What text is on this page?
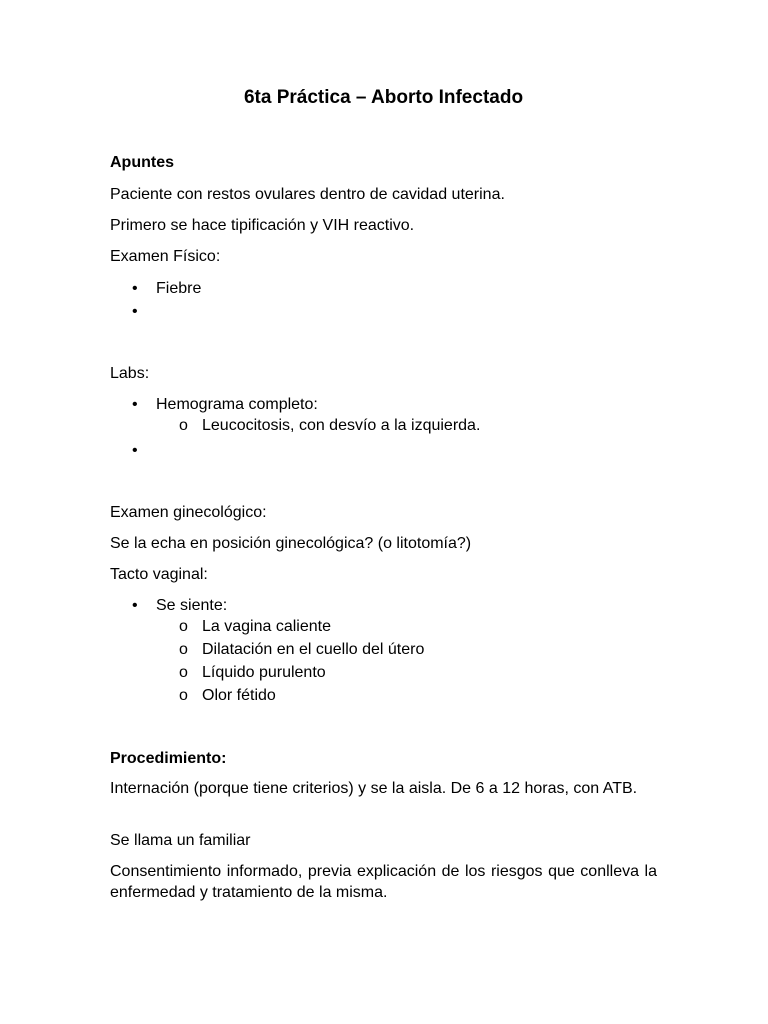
6ta Práctica – Aborto Infectado
Apuntes
Paciente con restos ovulares dentro de cavidad uterina.
Primero se hace tipificación y VIH reactivo.
Examen Físico:
• Fiebre
•
Labs:
• Hemograma completo:
o Leucocitosis, con desvío a la izquierda.
•
Examen ginecológico:
Se la echa en posición ginecológica? (o litotomía?)
Tacto vaginal:
• Se siente:
o La vagina caliente
o Dilatación en el cuello del útero
o Líquido purulento
o Olor fétido
Procedimiento:
Internación (porque tiene criterios) y se la aisla. De 6 a 12 horas, con ATB.
Se llama un familiar
Consentimiento informado, previa explicación de los riesgos que conlleva la enfermedad y tratamiento de la misma.
